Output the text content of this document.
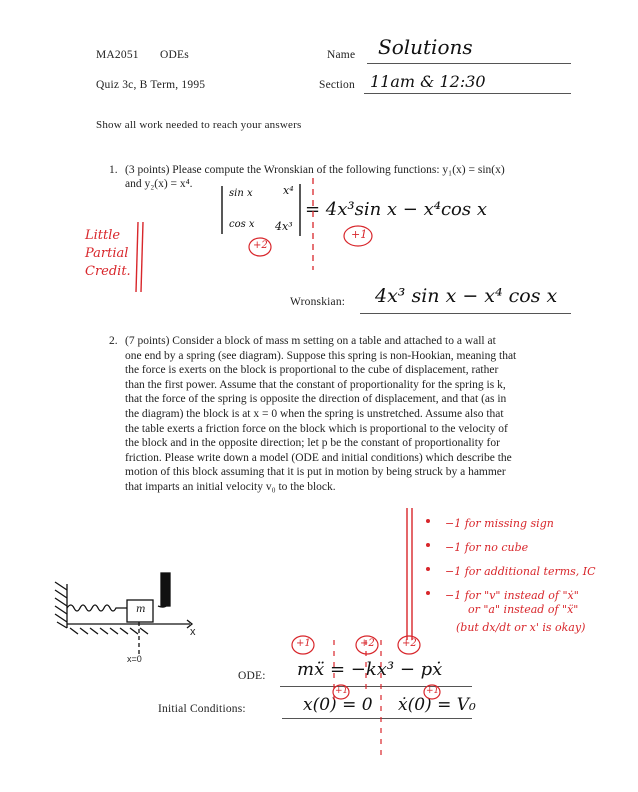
MA2051 ODEs	Name Solutions
Quiz 3c, B Term, 1995	Section 11am & 12:30
Show all work needed to reach your answers
1. (3 points) Please compute the Wronskian of the following functions: y₁(x) = sin(x)
and y₂(x) = x⁴.
sin x	x⁴
cos x 4x³
= 4x³sin x − x⁴cos x
+2
+1
Little Partial Credit.
Wronskian: 4x³ sin x − x⁴ cos x
2. (7 points) Consider a block of mass m setting on a table and attached to a wall at
one end by a spring (see diagram). Suppose this spring is non-Hookian, meaning that
the force is exerts on the block is proportional to the cube of displacement, rather
than the first power. Assume that the constant of proportionality for the spring is k,
that the force of the spring is opposite the direction of displacement, and that (as in
the diagram) the block is at x = 0 when the spring is unstretched. Assume also that
the table exerts a friction force on the block which is proportional to the velocity of
the block and in the opposite direction; let p be the constant of proportionality for
friction. Please write down a model (ODE and initial conditions) which describe the
motion of this block assuming that it is put in motion by being struck by a hammer
that imparts an initial velocity v₀ to the block.
−1 for missing sign
−1 for no cube
−1 for additional terms, IC
−1 for "v" instead of "ẋ"
or "a" instead of "ẍ"
(but dx/dt or x' is okay)
m
x
x=0
+1	+2	+2
+1	+1
ODE: mẍ = −kx³ − pẋ
Initial Conditions:	x(0) = 0 ẋ(0) = V₀
